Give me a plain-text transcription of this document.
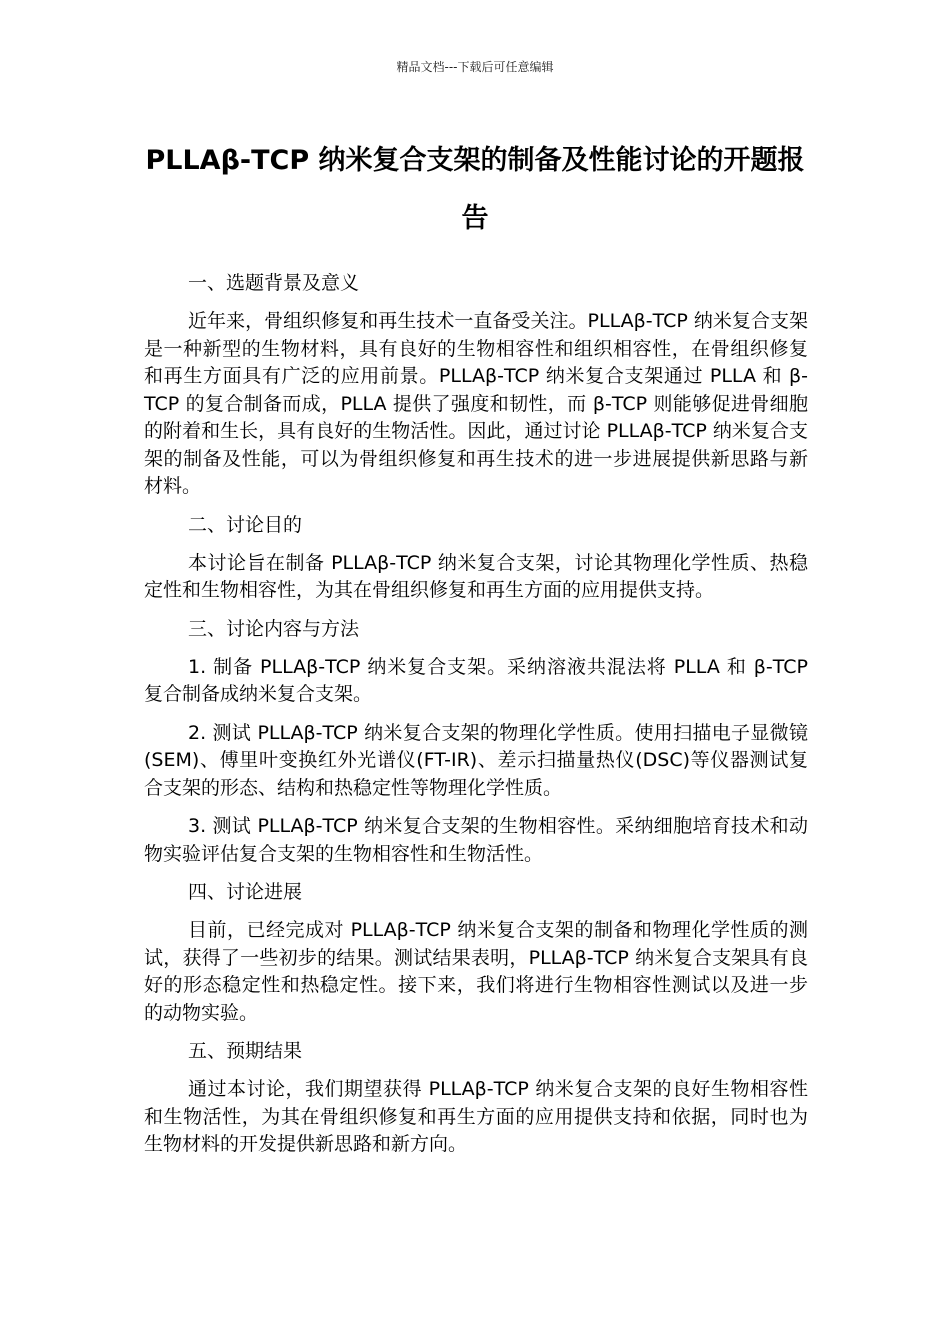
精品文档---下载后可任意编辑
PLLAβ-TCP 纳米复合支架的制备及性能讨论的开题报告

一、选题背景及意义

近年来，骨组织修复和再生技术一直备受关注。PLLAβ-TCP 纳米复合支架是一种新型的生物材料，具有良好的生物相容性和组织相容性，在骨组织修复和再生方面具有广泛的应用前景。PLLAβ-TCP 纳米复合支架通过 PLLA 和 β-TCP 的复合制备而成，PLLA 提供了强度和韧性，而 β-TCP 则能够促进骨细胞的附着和生长，具有良好的生物活性。因此，通过讨论 PLLAβ-TCP 纳米复合支架的制备及性能，可以为骨组织修复和再生技术的进一步进展提供新思路与新材料。

二、讨论目的

本讨论旨在制备 PLLAβ-TCP 纳米复合支架，讨论其物理化学性质、热稳定性和生物相容性，为其在骨组织修复和再生方面的应用提供支持。

三、讨论内容与方法

1. 制备 PLLAβ-TCP 纳米复合支架。采纳溶液共混法将 PLLA 和 β-TCP 复合制备成纳米复合支架。

2. 测试 PLLAβ-TCP 纳米复合支架的物理化学性质。使用扫描电子显微镜(SEM)、傅里叶变换红外光谱仪(FT-IR)、差示扫描量热仪(DSC)等仪器测试复合支架的形态、结构和热稳定性等物理化学性质。

3. 测试 PLLAβ-TCP 纳米复合支架的生物相容性。采纳细胞培育技术和动物实验评估复合支架的生物相容性和生物活性。

四、讨论进展

目前，已经完成对 PLLAβ-TCP 纳米复合支架的制备和物理化学性质的测试，获得了一些初步的结果。测试结果表明，PLLAβ-TCP 纳米复合支架具有良好的形态稳定性和热稳定性。接下来，我们将进行生物相容性测试以及进一步的动物实验。

五、预期结果

通过本讨论，我们期望获得 PLLAβ-TCP 纳米复合支架的良好生物相容性和生物活性，为其在骨组织修复和再生方面的应用提供支持和依据，同时也为生物材料的开发提供新思路和新方向。
